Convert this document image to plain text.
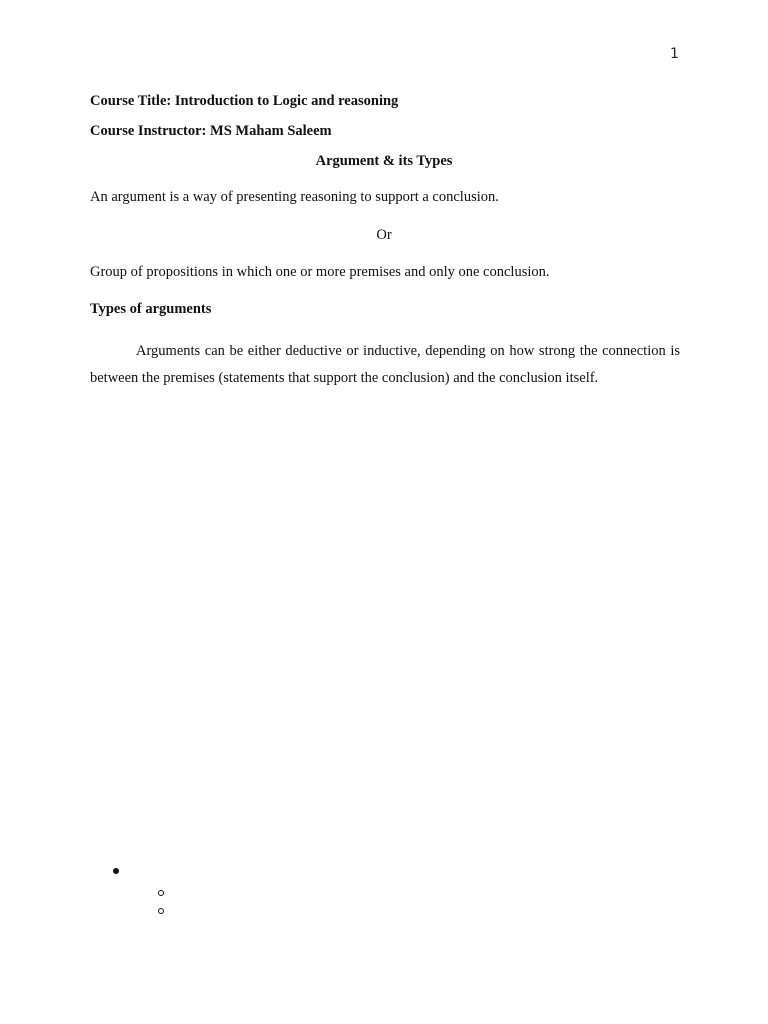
1
Course Title: Introduction to Logic and reasoning
Course Instructor: MS Maham Saleem
Argument & its Types
An argument is a way of presenting reasoning to support a conclusion.
Or
Group of propositions in which one or more premises and only one conclusion.
Types of arguments
Arguments can be either deductive or inductive, depending on how strong the connection is between the premises (statements that support the conclusion) and the conclusion itself.
